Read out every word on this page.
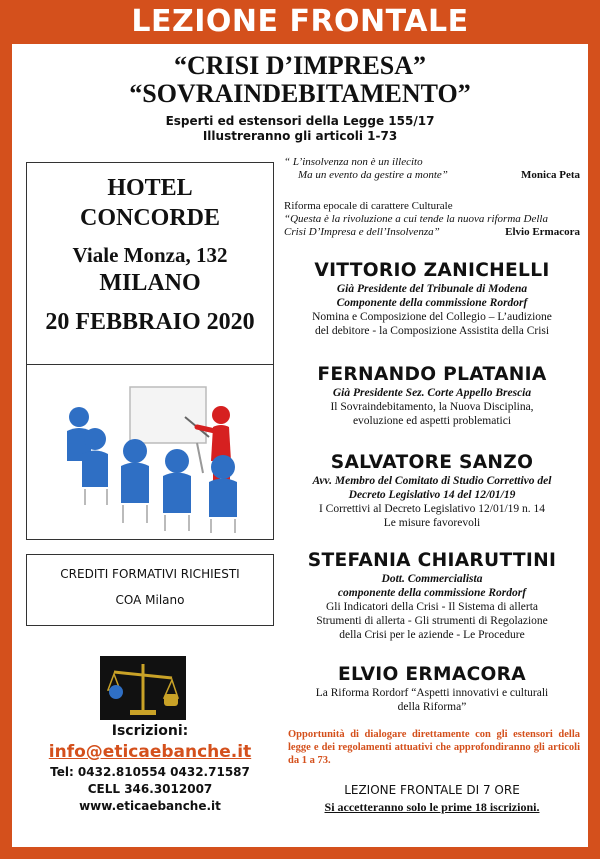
LEZIONE FRONTALE
“CRISI D’IMPRESA”
“SOVRAINDEBITAMENTO”
Esperti ed estensori della Legge 155/17
Illustreranno gli articoli 1-73
HOTEL
CONCORDE
Viale Monza, 132
MILANO
20 FEBBRAIO 2020
CREDITI FORMATIVI RICHIESTI
COA Milano
Iscrizioni:
info@eticaebanche.it
Tel: 0432.810554 0432.71587
CELL 346.3012007
www.eticaebanche.it
“ L’insolvenza non è un illecito
Ma un evento da gestire a monte”	Monica Peta
Riforma epocale di carattere Culturale
“Questa è la rivoluzione a cui tende la nuova riforma Della
Crisi D’Impresa e dell’Insolvenza”	Elvio Ermacora
VITTORIO ZANICHELLI
Già Presidente del Tribunale di Modena
Componente della commissione Rordorf
Nomina e Composizione del Collegio – L’audizione
del debitore - la Composizione Assistita della Crisi
FERNANDO PLATANIA
Già Presidente Sez. Corte Appello Brescia
Il Sovraindebitamento, la Nuova Disciplina,
evoluzione ed aspetti problematici
SALVATORE SANZO
Avv. Membro del Comitato di Studio Correttivo del
Decreto Legislativo 14 del 12/01/19
I Correttivi al Decreto Legislativo 12/01/19 n. 14
Le misure favorevoli
STEFANIA CHIARUTTINI
Dott. Commercialista
componente della commissione Rordorf
Gli Indicatori della Crisi - Il Sistema di allerta
Strumenti di allerta - Gli strumenti di Regolazione
della Crisi per le aziende - Le Procedure
ELVIO ERMACORA
La Riforma Rordorf “Aspetti innovativi e culturali
della Riforma”
Opportunità di dialogare direttamente con gli estensori della legge e dei regolamenti attuativi che approfondiranno gli articoli da 1 a 73.
LEZIONE FRONTALE DI 7 ORE
Si accetteranno solo le prime 18 iscrizioni.
